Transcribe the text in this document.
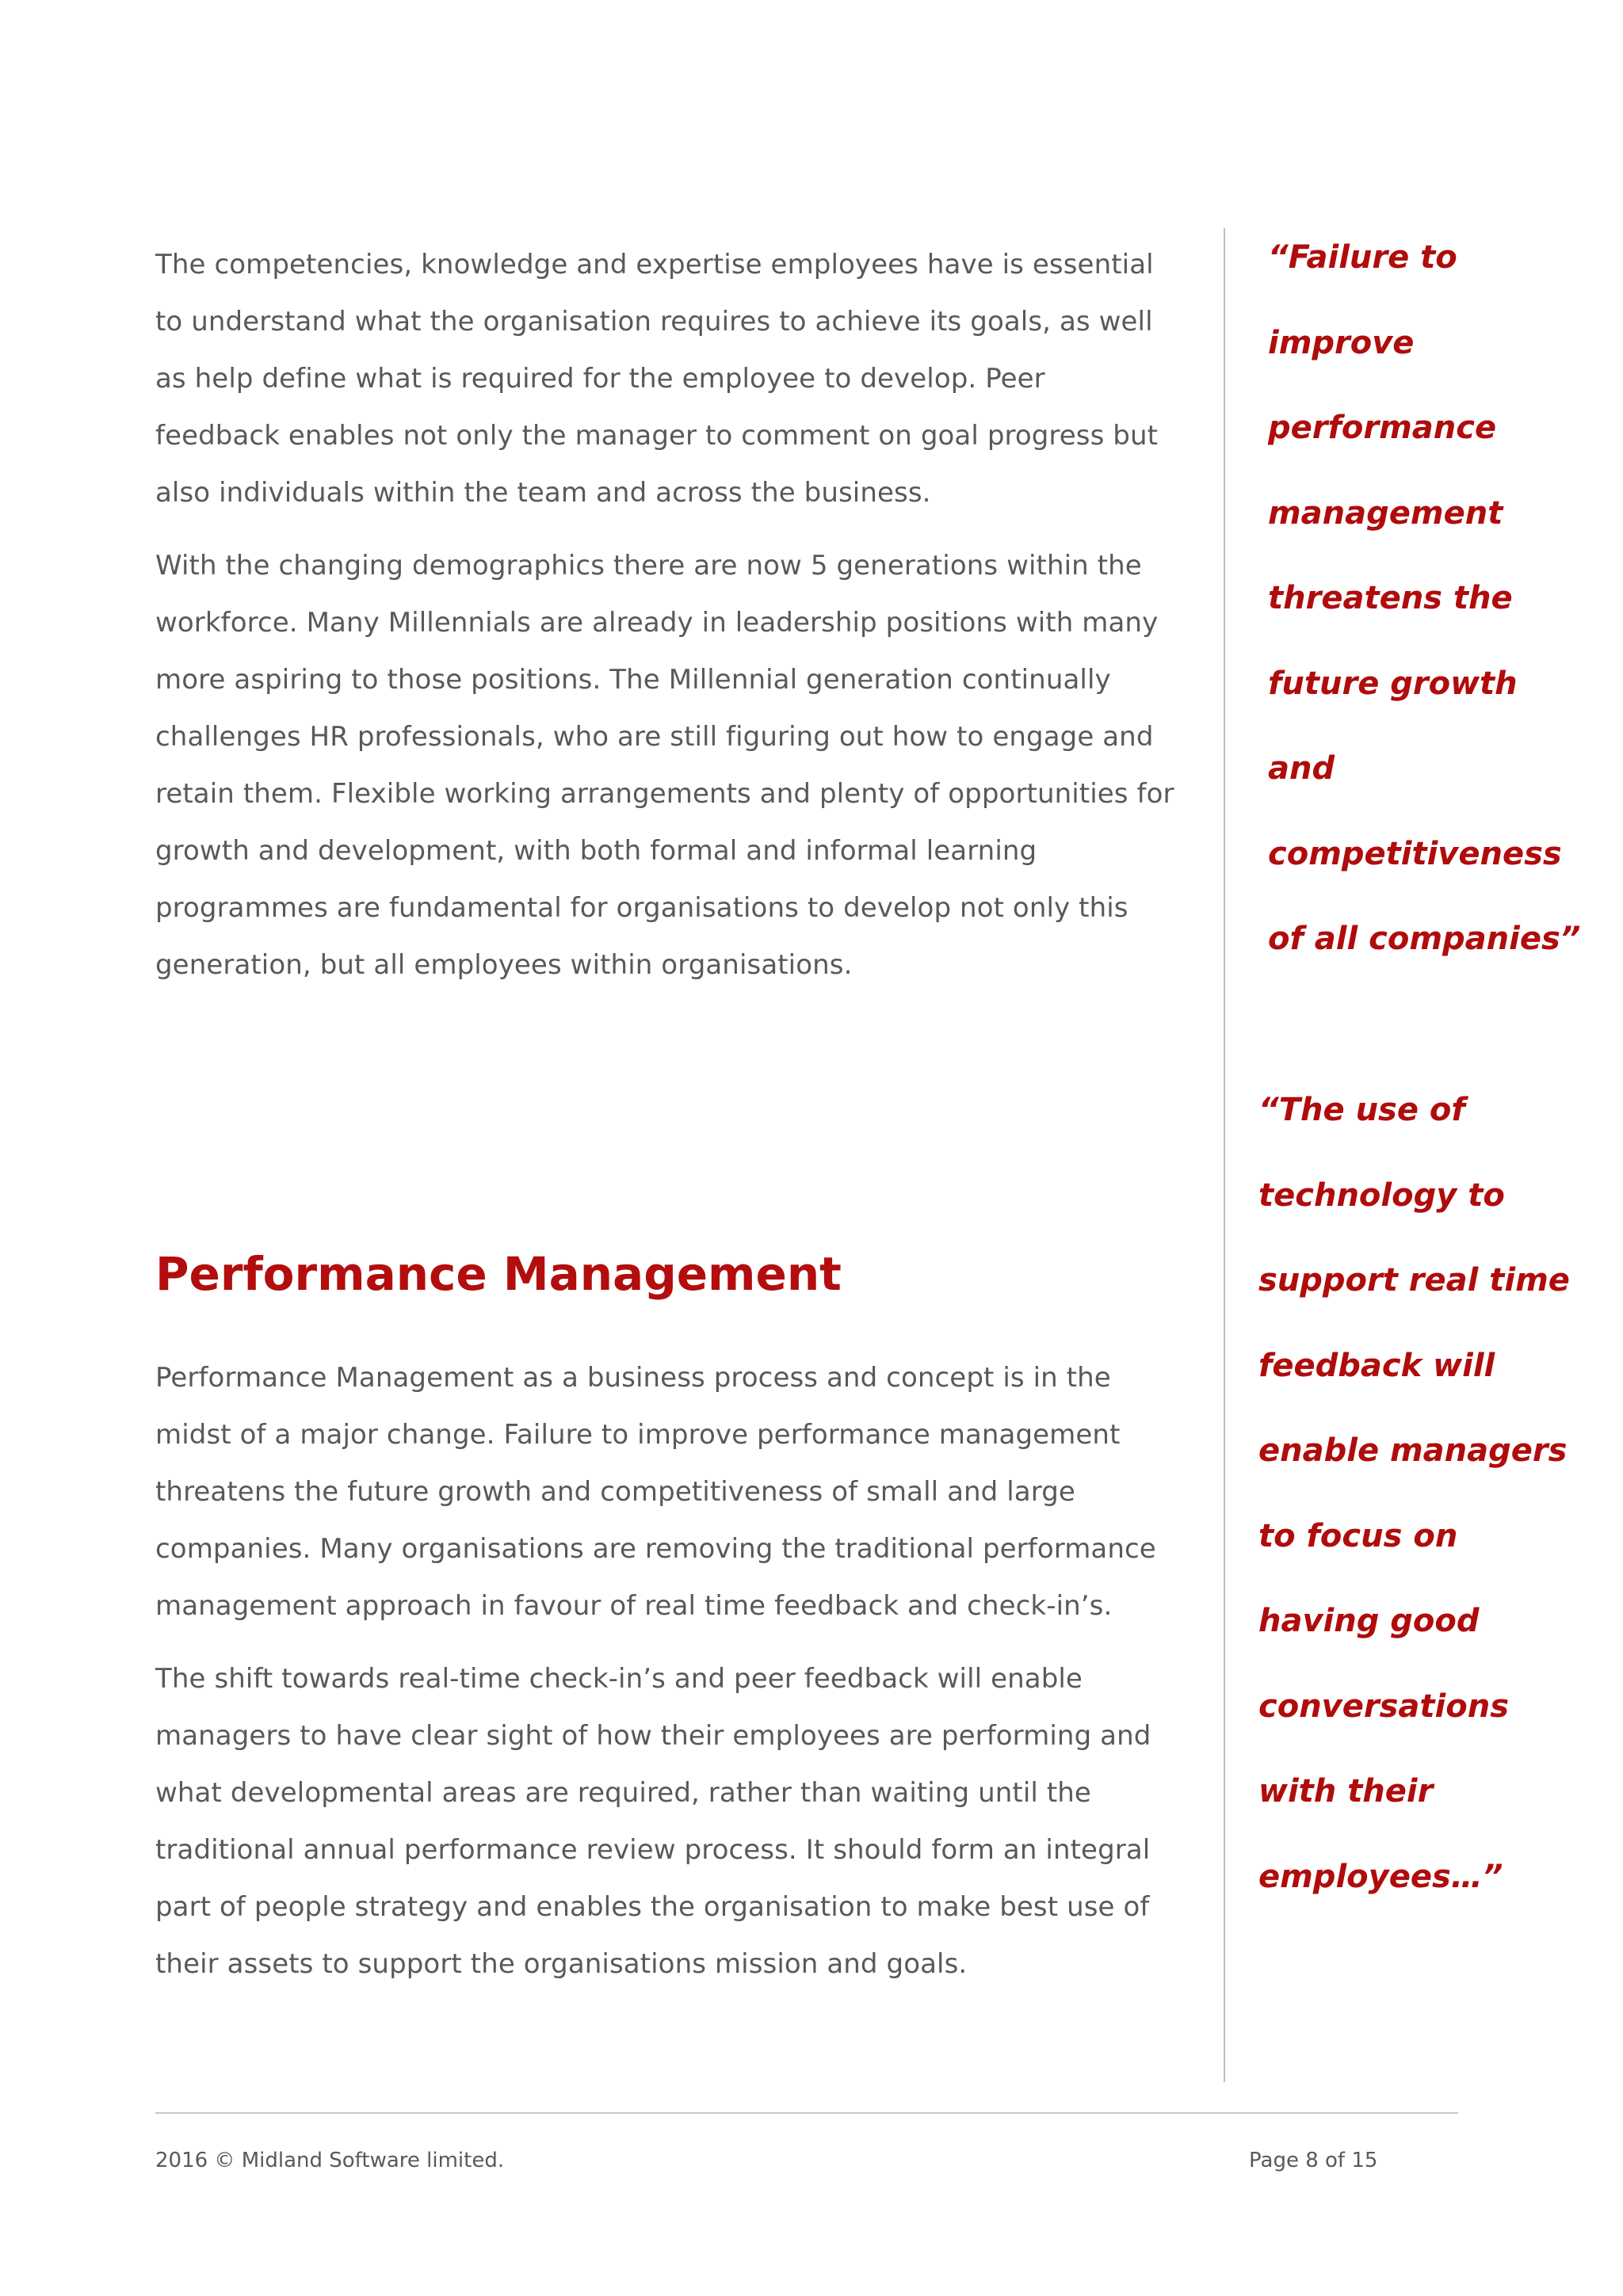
The competencies, knowledge and expertise employees have is essential to understand what the organisation requires to achieve its goals, as well as help define what is required for the employee to develop. Peer feedback enables not only the manager to comment on goal progress but also individuals within the team and across the business.

With the changing demographics there are now 5 generations within the workforce. Many Millennials are already in leadership positions with many more aspiring to those positions. The Millennial generation continually challenges HR professionals, who are still figuring out how to engage and retain them. Flexible working arrangements and plenty of opportunities for growth and development, with both formal and informal learning programmes are fundamental for organisations to develop not only this generation, but all employees within organisations.

Performance Management

Performance Management as a business process and concept is in the midst of a major change. Failure to improve performance management threatens the future growth and competitiveness of small and large companies. Many organisations are removing the traditional performance management approach in favour of real time feedback and check-in’s.

The shift towards real-time check-in’s and peer feedback will enable managers to have clear sight of how their employees are performing and what developmental areas are required, rather than waiting until the traditional annual performance review process. It should form an integral part of people strategy and enables the organisation to make best use of their assets to support the organisations mission and goals.

“Failure to
improve
performance
management
threatens the
future growth
and
competitiveness
of all companies”

“The use of
technology to
support real time
feedback will
enable managers
to focus on
having good
conversations
with their
employees…”

2016 © Midland Software limited.	Page 8 of 15
